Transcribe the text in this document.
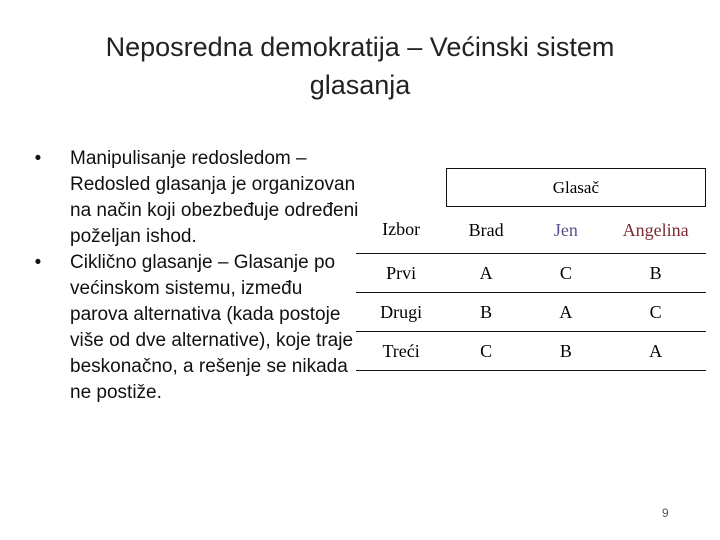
Neposredna demokratija – Većinski sistem
glasanja
• Manipulisanje redosledom – Redosled glasanja je organizovan na način koji obezbeđuje određeni poželjan ishod.
• Ciklično glasanje – Glasanje po većinskom sistemu, između parova alternativa (kada postoje više od dve alternative), koje traje beskonačno, a rešenje se nikada ne postiže.
	Glasač		
Izbor	Brad	Jen	Angelina
Prvi	A	C	B
Drugi	B	A	C
Treći	C	B	A
9
